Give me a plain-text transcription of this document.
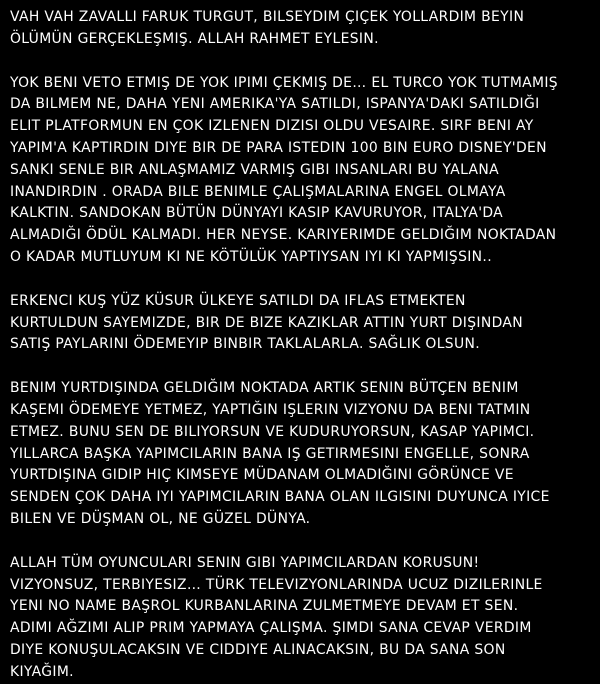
VAH VAH ZAVALLI FARUK TURGUT, BILSEYDIM ÇIÇEK YOLLARDIM BEYIN
ÖLÜMÜN GERÇEKLEŞMIŞ. ALLAH RAHMET EYLESIN.
YOK BENI VETO ETMIŞ DE YOK IPIMI ÇEKMIŞ DE… EL TURCO YOK TUTMAMIŞ
DA BILMEM NE, DAHA YENI AMERIKA'YA SATILDI, ISPANYA'DAKI SATILDIĞI
ELIT PLATFORMUN EN ÇOK IZLENEN DIZISI OLDU VESAIRE. SIRF BENI AY
YAPIM'A KAPTIRDIN DIYE BIR DE PARA ISTEDIN 100 BIN EURO DISNEY'DEN
SANKI SENLE BIR ANLAŞMAMIZ VARMIŞ GIBI INSANLARI BU YALANA
INANDIRDIN . ORADA BILE BENIMLE ÇALIŞMALARINA ENGEL OLMAYA
KALKTIN. SANDOKAN BÜTÜN DÜNYAYI KASIP KAVURUYOR, ITALYA'DA
ALMADIĞI ÖDÜL KALMADI. HER NEYSE. KARIYERIMDE GELDIĞIM NOKTADAN
O KADAR MUTLUYUM KI NE KÖTÜLÜK YAPTIYSAN IYI KI YAPMIŞSIN..
ERKENCI KUŞ YÜZ KÜSUR ÜLKEYE SATILDI DA IFLAS ETMEKTEN
KURTULDUN SAYEMIZDE, BIR DE BIZE KAZIKLAR ATTIN YURT DIŞINDAN
SATIŞ PAYLARINI ÖDEMEYIP BINBIR TAKLALARLA. SAĞLIK OLSUN.
BENIM YURTDIŞINDA GELDIĞIM NOKTADA ARTIK SENIN BÜTÇEN BENIM
KAŞEMI ÖDEMEYE YETMEZ, YAPTIĞIN IŞLERIN VIZYONU DA BENI TATMIN
ETMEZ. BUNU SEN DE BILIYORSUN VE KUDURUYORSUN, KASAP YAPIMCI.
YILLARCA BAŞKA YAPIMCILARIN BANA IŞ GETIRMESINI ENGELLE, SONRA
YURTDIŞINA GIDIP HIÇ KIMSEYE MÜDANAM OLMADIĞINI GÖRÜNCE VE
SENDEN ÇOK DAHA IYI YAPIMCILARIN BANA OLAN ILGISINI DUYUNCA IYICE
BILEN VE DÜŞMAN OL, NE GÜZEL DÜNYA.
ALLAH TÜM OYUNCULARI SENIN GIBI YAPIMCILARDAN KORUSUN!
VIZYONSUZ, TERBIYESIZ… TÜRK TELEVIZYONLARINDA UCUZ DIZILERINLE
YENI NO NAME BAŞROL KURBANLARINA ZULMETMEYE DEVAM ET SEN.
ADIMI AĞZIMI ALIP PRIM YAPMAYA ÇALIŞMA. ŞIMDI SANA CEVAP VERDIM
DIYE KONUŞULACAKSIN VE CIDDIYE ALINACAKSIN, BU DA SANA SON
KIYAĞIM.
